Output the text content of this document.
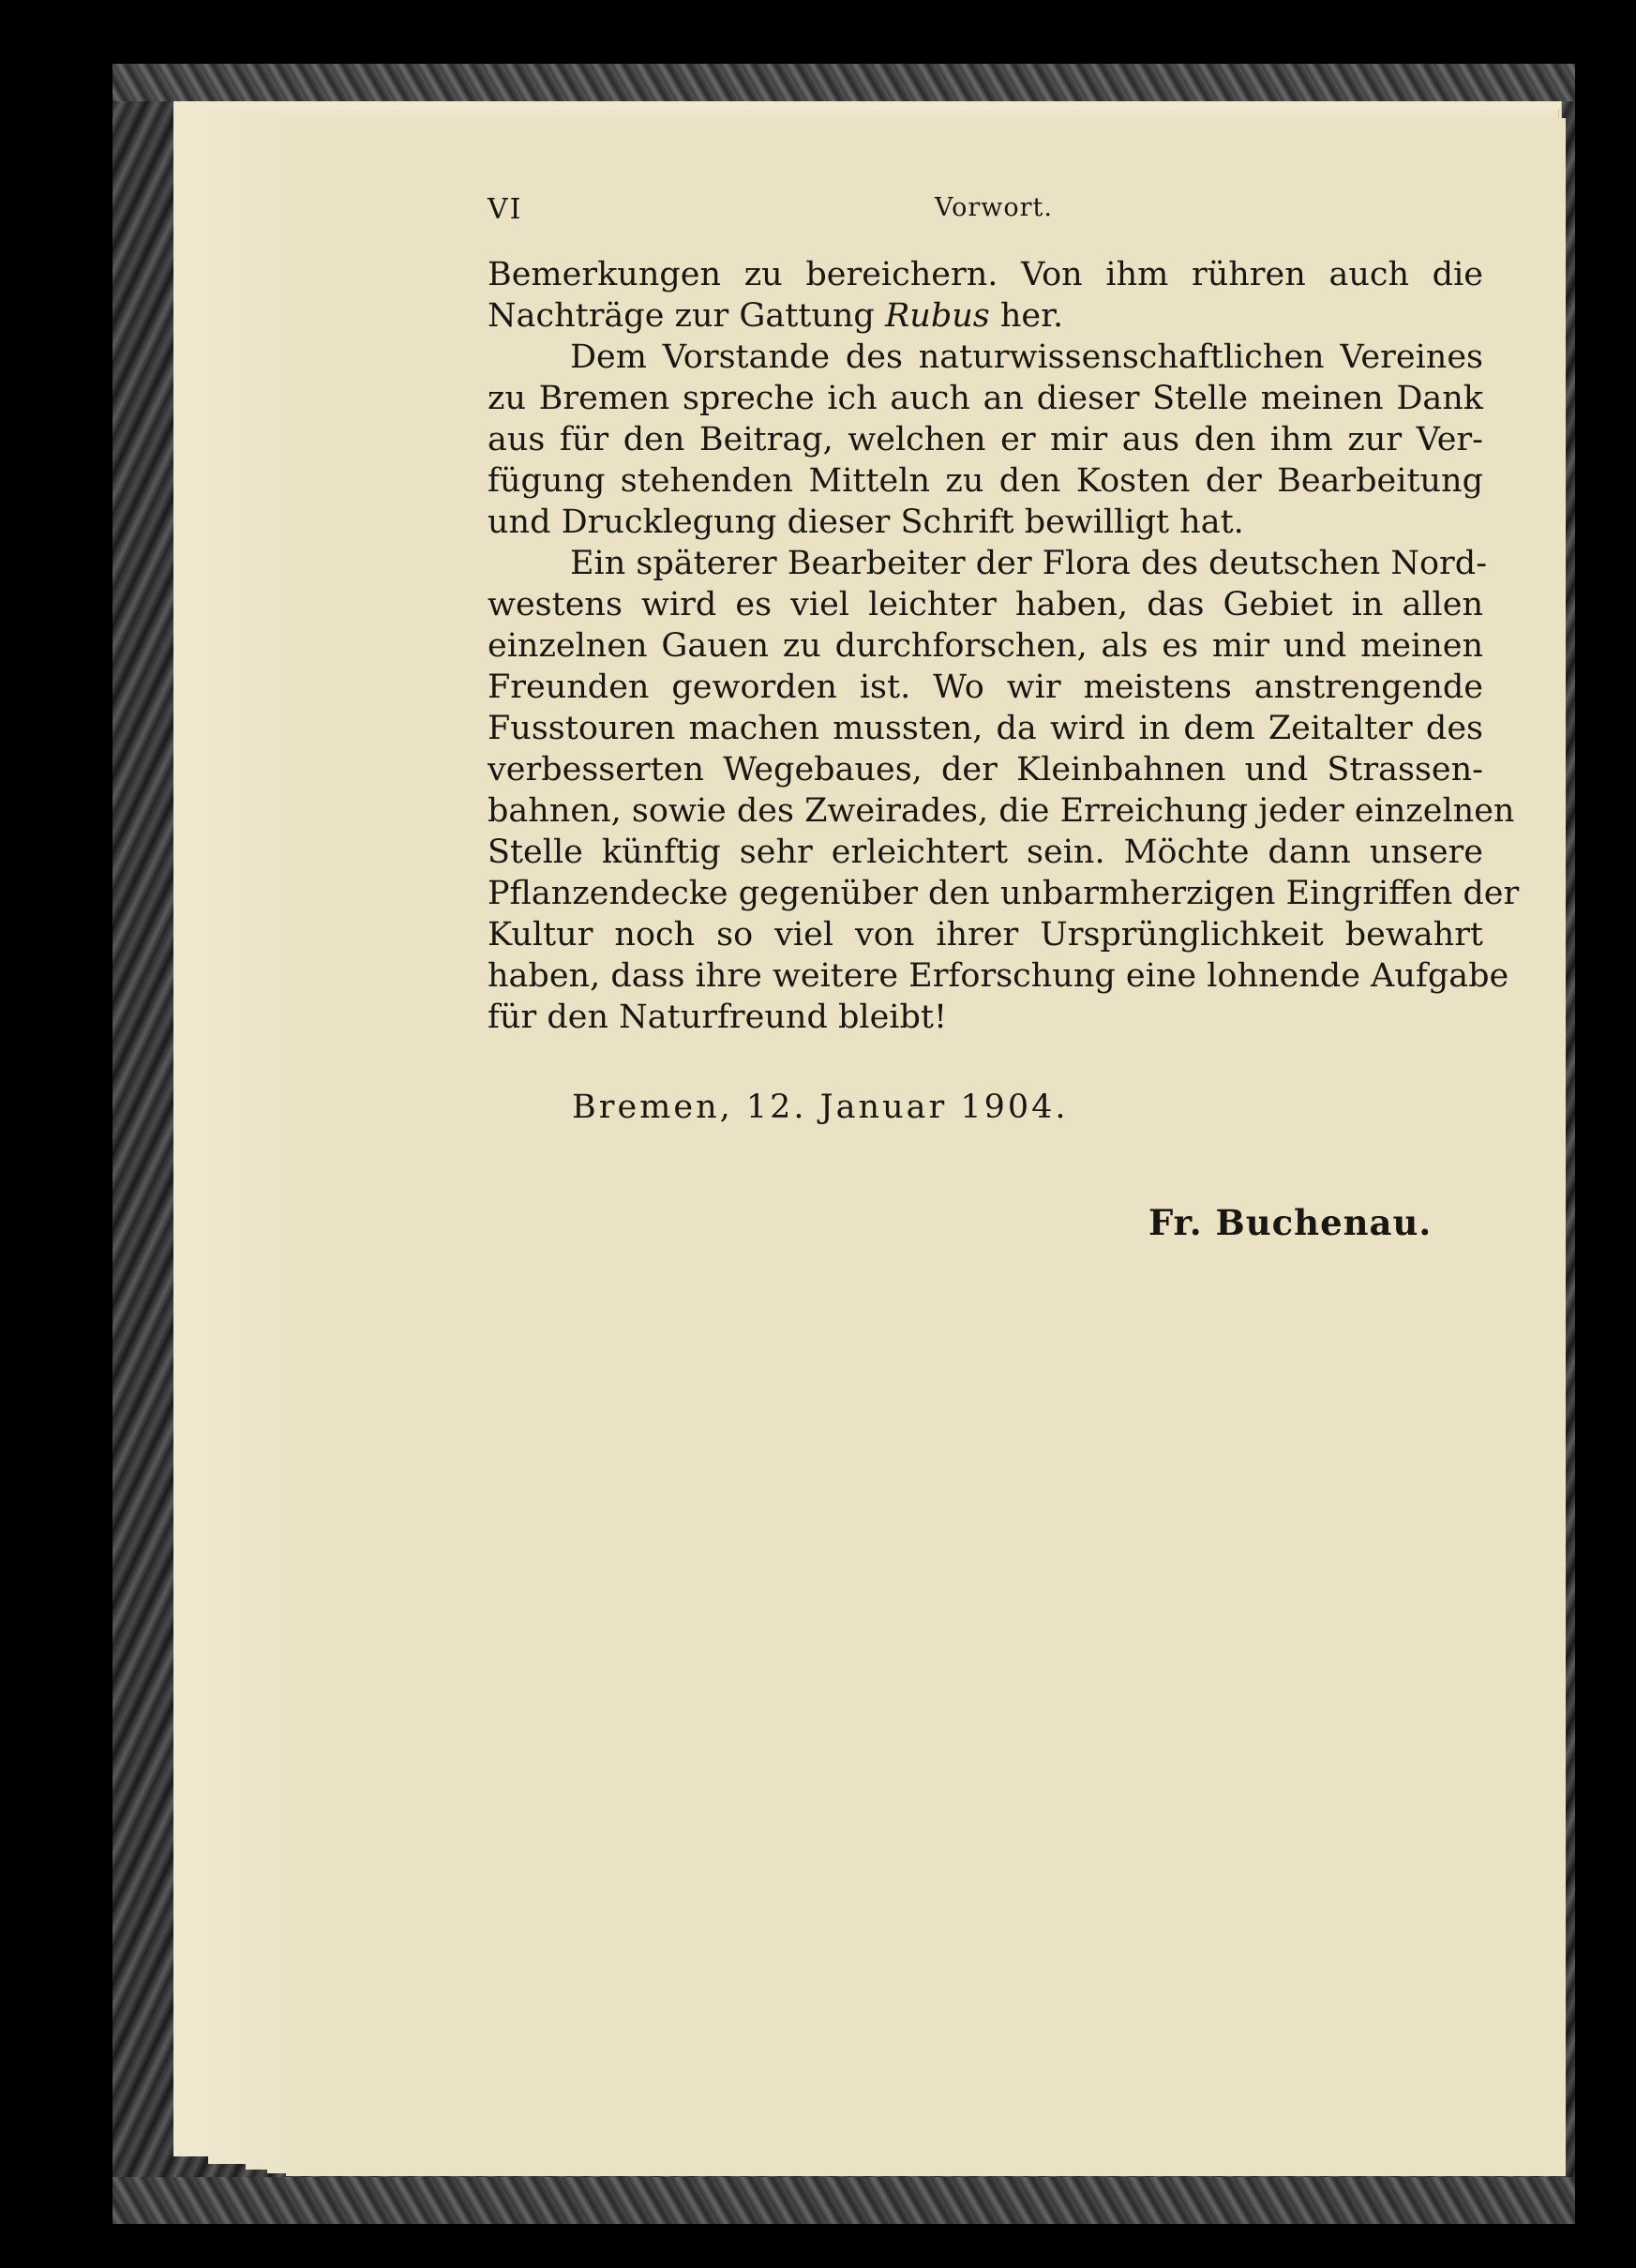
Vorwort.
VI
Bemerkungen zu bereichern. Von ihm rühren auch die
Nachträge zur Gattung Rubus her.
Dem Vorstande des naturwissenschaftlichen Vereines
zu Bremen spreche ich auch an dieser Stelle meinen Dank
aus für den Beitrag, welchen er mir aus den ihm zur Ver-
fügung stehenden Mitteln zu den Kosten der Bearbeitung
und Drucklegung dieser Schrift bewilligt hat.
Ein späterer Bearbeiter der Flora des deutschen Nord-
westens wird es viel leichter haben, das Gebiet in allen
einzelnen Gauen zu durchforschen, als es mir und meinen
Freunden geworden ist. Wo wir meistens anstrengende
Fusstouren machen mussten, da wird in dem Zeitalter des
verbesserten Wegebaues, der Kleinbahnen und Strassen-
bahnen, sowie des Zweirades, die Erreichung jeder einzelnen
Stelle künftig sehr erleichtert sein. Möchte dann unsere
Pflanzendecke gegenüber den unbarmherzigen Eingriffen der
Kultur noch so viel von ihrer Ursprünglichkeit bewahrt
haben, dass ihre weitere Erforschung eine lohnende Aufgabe
für den Naturfreund bleibt!
Bremen, 12. Januar 1904.
Fr. Buchenau.
